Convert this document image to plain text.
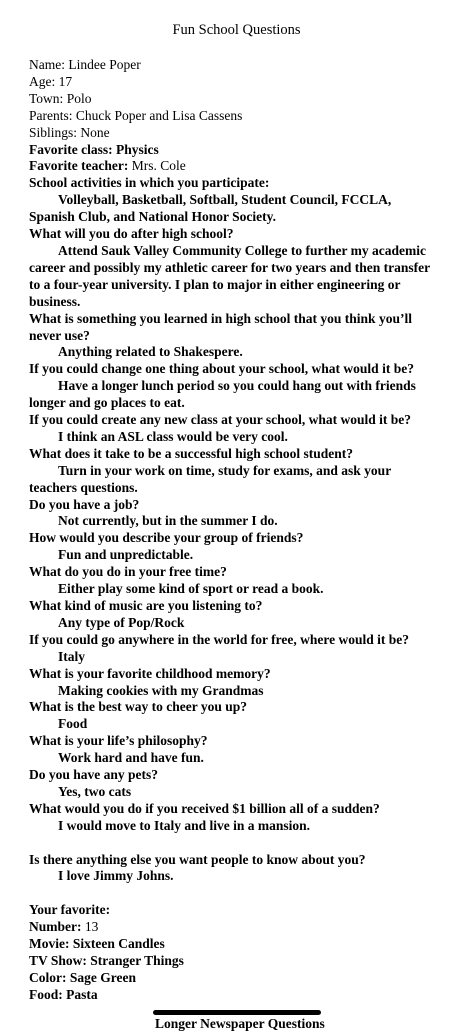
Fun School Questions
Name: Lindee Poper
Age: 17
Town: Polo
Parents: Chuck Poper and Lisa Cassens
Siblings: None
Favorite class: Physics
Favorite teacher: Mrs. Cole
School activities in which you participate:
Volleyball, Basketball, Softball, Student Council, FCCLA,
Spanish Club, and National Honor Society.
What will you do after high school?
Attend Sauk Valley Community College to further my academic
career and possibly my athletic career for two years and then transfer
to a four-year university. I plan to major in either engineering or
business.
What is something you learned in high school that you think you’ll
never use?
Anything related to Shakespere.
If you could change one thing about your school, what would it be?
Have a longer lunch period so you could hang out with friends
longer and go places to eat.
If you could create any new class at your school, what would it be?
I think an ASL class would be very cool.
What does it take to be a successful high school student?
Turn in your work on time, study for exams, and ask your
teachers questions.
Do you have a job?
Not currently, but in the summer I do.
How would you describe your group of friends?
Fun and unpredictable.
What do you do in your free time?
Either play some kind of sport or read a book.
What kind of music are you listening to?
Any type of Pop/Rock
If you could go anywhere in the world for free, where would it be?
Italy
What is your favorite childhood memory?
Making cookies with my Grandmas
What is the best way to cheer you up?
Food
What is your life’s philosophy?
Work hard and have fun.
Do you have any pets?
Yes, two cats
What would you do if you received $1 billion all of a sudden?
I would move to Italy and live in a mansion.
Is there anything else you want people to know about you?
I love Jimmy Johns.
Your favorite:
Number: 13
Movie: Sixteen Candles
TV Show: Stranger Things
Color: Sage Green
Food: Pasta
Longer Newspaper Questions
